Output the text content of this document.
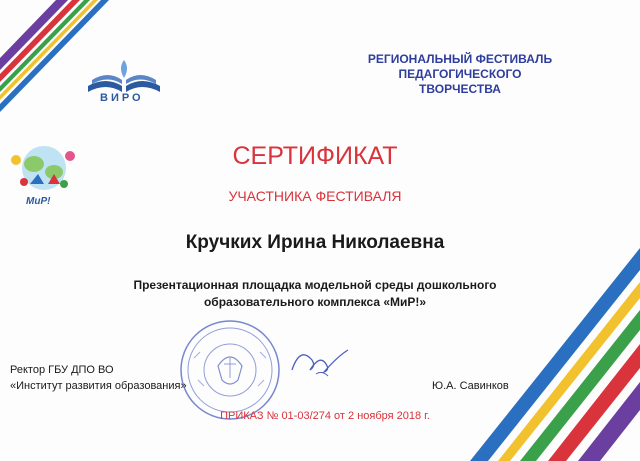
ВИРО
РЕГИОНАЛЬНЫЙ ФЕСТИВАЛЬ
ПЕДАГОГИЧЕСКОГО ТВОРЧЕСТВА
МиР!
СЕРТИФИКАТ
УЧАСТНИКА ФЕСТИВАЛЯ
Кручких Ирина Николаевна
Презентационная площадка модельной среды дошкольного
образовательного комплекса «МиР!»
Ректор ГБУ ДПО ВО
«Институт развития образования»	Ю.А. Савинков
ПРИКАЗ № 01-03/274 от 2 ноября 2018 г.
